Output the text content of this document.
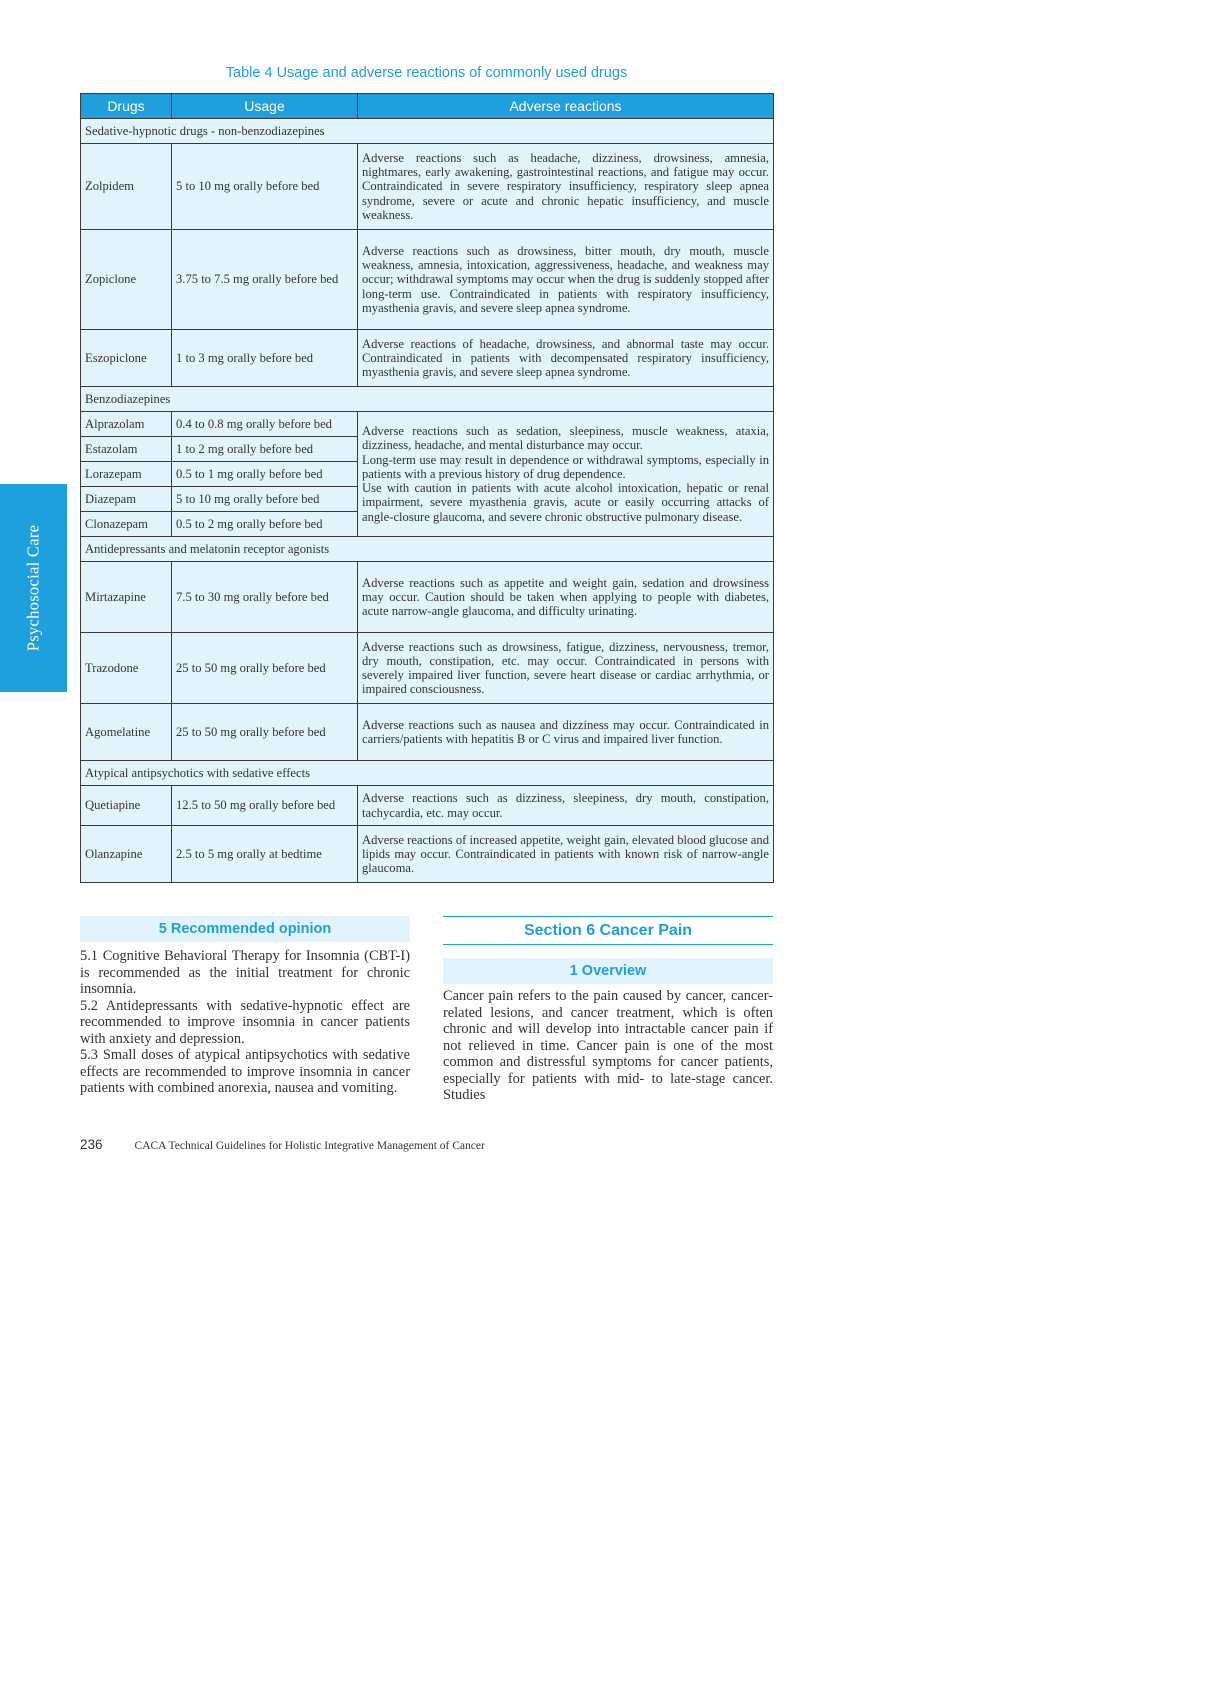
Psychosocial Care
Table 4 Usage and adverse reactions of commonly used drugs
Drugs	Usage	Adverse reactions
Sedative-hypnotic drugs - non-benzodiazepines		
Zolpidem	5 to 10 mg orally before bed	Adverse reactions such as headache, dizziness, drowsiness, amnesia, nightmares, early awakening, gastrointestinal reactions, and fatigue may occur. Contraindicated in severe respiratory insufficiency, respiratory sleep apnea syndrome, severe or acute and chronic hepatic insufficiency, and muscle weakness.
Zopiclone	3.75 to 7.5 mg orally before bed	Adverse reactions such as drowsiness, bitter mouth, dry mouth, muscle weakness, amnesia, intoxication, aggressiveness, headache, and weakness may occur; withdrawal symptoms may occur when the drug is suddenly stopped after long-term use. Contraindicated in patients with respiratory insufficiency, myasthenia gravis, and severe sleep apnea syndrome.
Eszopiclone	1 to 3 mg orally before bed	Adverse reactions of headache, drowsiness, and abnormal taste may occur. Contraindicated in patients with decompensated respiratory insufficiency, myasthenia gravis, and severe sleep apnea syndrome.
Benzodiazepines		
Alprazolam	0.4 to 0.8 mg orally before bed	Adverse reactions such as sedation, sleepiness, muscle weakness, ataxia, dizziness, headache, and mental disturbance may occur.
Long-term use may result in dependence or withdrawal symptoms, especially in patients with a previous history of drug dependence.
Use with caution in patients with acute alcohol intoxication, hepatic or renal impairment, severe myasthenia gravis, acute or easily occurring attacks of angle-closure glaucoma, and severe chronic obstructive pulmonary disease.

Estazolam	1 to 2 mg orally before bed	
Lorazepam	0.5 to 1 mg orally before bed	
Diazepam	5 to 10 mg orally before bed	
Clonazepam	0.5 to 2 mg orally before bed	
Antidepressants and melatonin receptor agonists		
Mirtazapine	7.5 to 30 mg orally before bed	Adverse reactions such as appetite and weight gain, sedation and drowsiness may occur. Caution should be taken when applying to people with diabetes, acute narrow-angle glaucoma, and difficulty urinating.
Trazodone	25 to 50 mg orally before bed	Adverse reactions such as drowsiness, fatigue, dizziness, nervousness, tremor, dry mouth, constipation, etc. may occur. Contraindicated in persons with severely impaired liver function, severe heart disease or cardiac arrhythmia, or impaired consciousness.
Agomelatine	25 to 50 mg orally before bed	Adverse reactions such as nausea and dizziness may occur. Contraindicated in carriers/patients with hepatitis B or C virus and impaired liver function.
Atypical antipsychotics with sedative effects		
Quetiapine	12.5 to 50 mg orally before bed	Adverse reactions such as dizziness, sleepiness, dry mouth, constipation, tachycardia, etc. may occur.
Olanzapine	2.5 to 5 mg orally at bedtime	Adverse reactions of increased appetite, weight gain, elevated blood glucose and lipids may occur. Contraindicated in patients with known risk of narrow-angle glaucoma.
5 Recommended opinion

5.1 Cognitive Behavioral Therapy for Insomnia (CBT-I) is recommended as the initial treatment for chronic insomnia.

5.2 Antidepressants with sedative-hypnotic effect are recommended to improve insomnia in cancer patients with anxiety and depression.

5.3 Small doses of atypical antipsychotics with sedative effects are recommended to improve insomnia in cancer patients with combined anorexia, nausea and vomiting.

Section 6 Cancer Pain
1 Overview

Cancer pain refers to the pain caused by cancer, cancer-related lesions, and cancer treatment, which is often chronic and will develop into intractable cancer pain if not relieved in time. Cancer pain is one of the most common and distressful symptoms for cancer patients, especially for patients with mid- to late-stage cancer. Studies

236	CACA Technical Guidelines for Holistic Integrative Management of Cancer
